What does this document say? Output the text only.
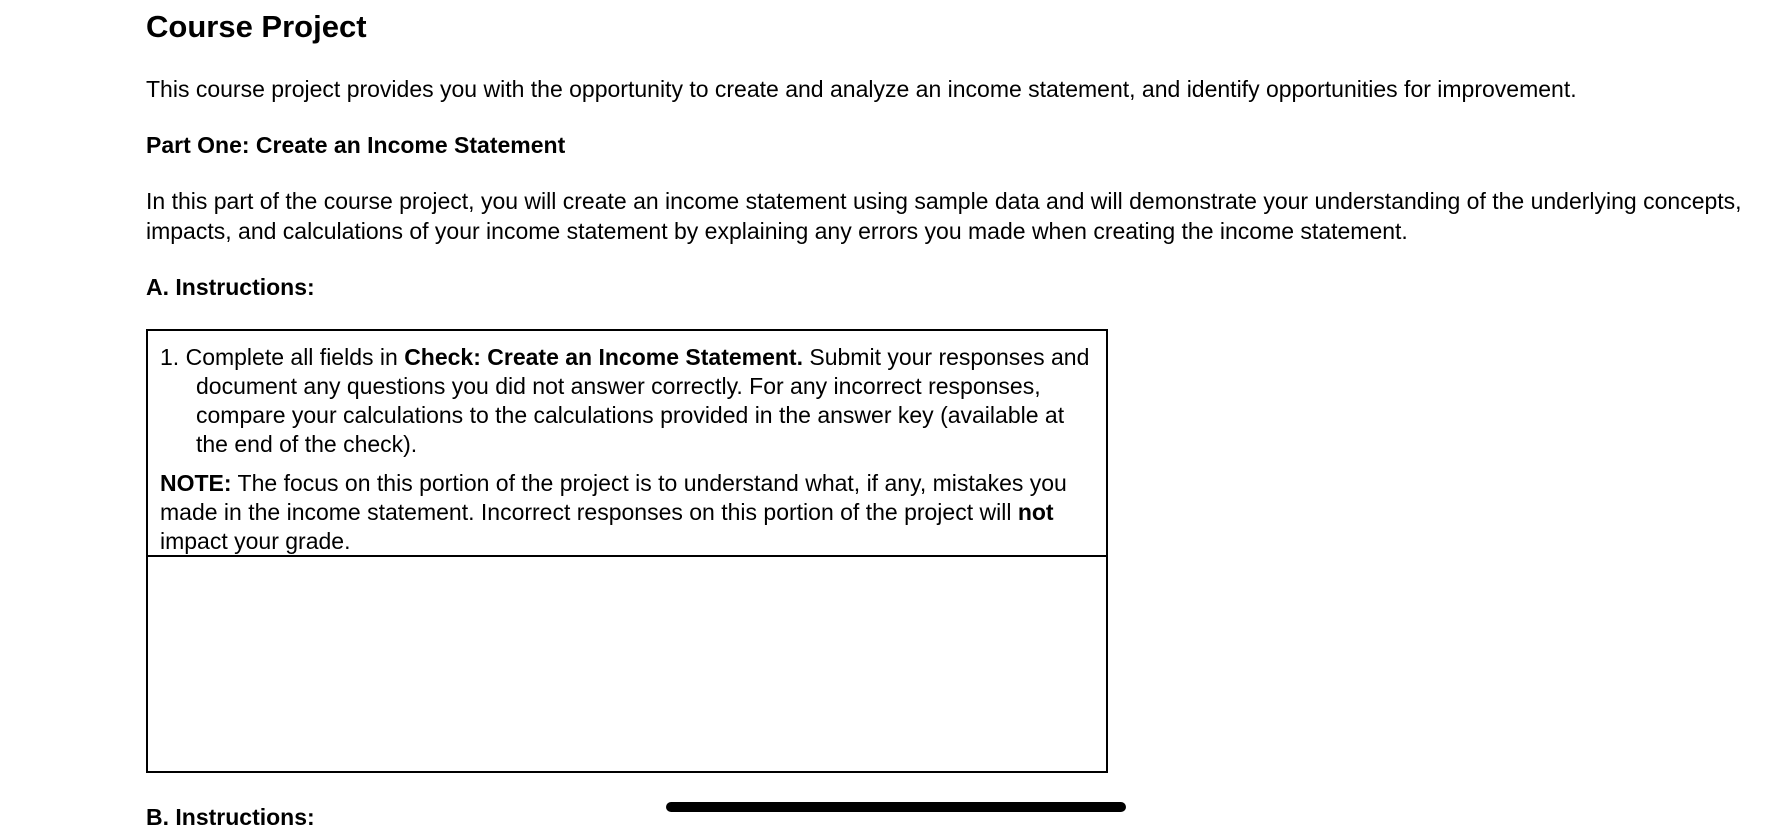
Course Project
This course project provides you with the opportunity to create and analyze an income statement, and identify opportunities for improvement.
Part One: Create an Income Statement
In this part of the course project, you will create an income statement using sample data and will demonstrate your understanding of the underlying concepts,
impacts, and calculations of your income statement by explaining any errors you made when creating the income statement.
A. Instructions:
1. Complete all fields in Check: Create an Income Statement. Submit your responses and document any questions you did not answer correctly. For any incorrect responses, compare your calculations to the calculations provided in the answer key (available at the end of the check).
NOTE: The focus on this portion of the project is to understand what, if any, mistakes you made in the income statement. Incorrect responses on this portion of the project will not impact your grade.
B. Instructions:
